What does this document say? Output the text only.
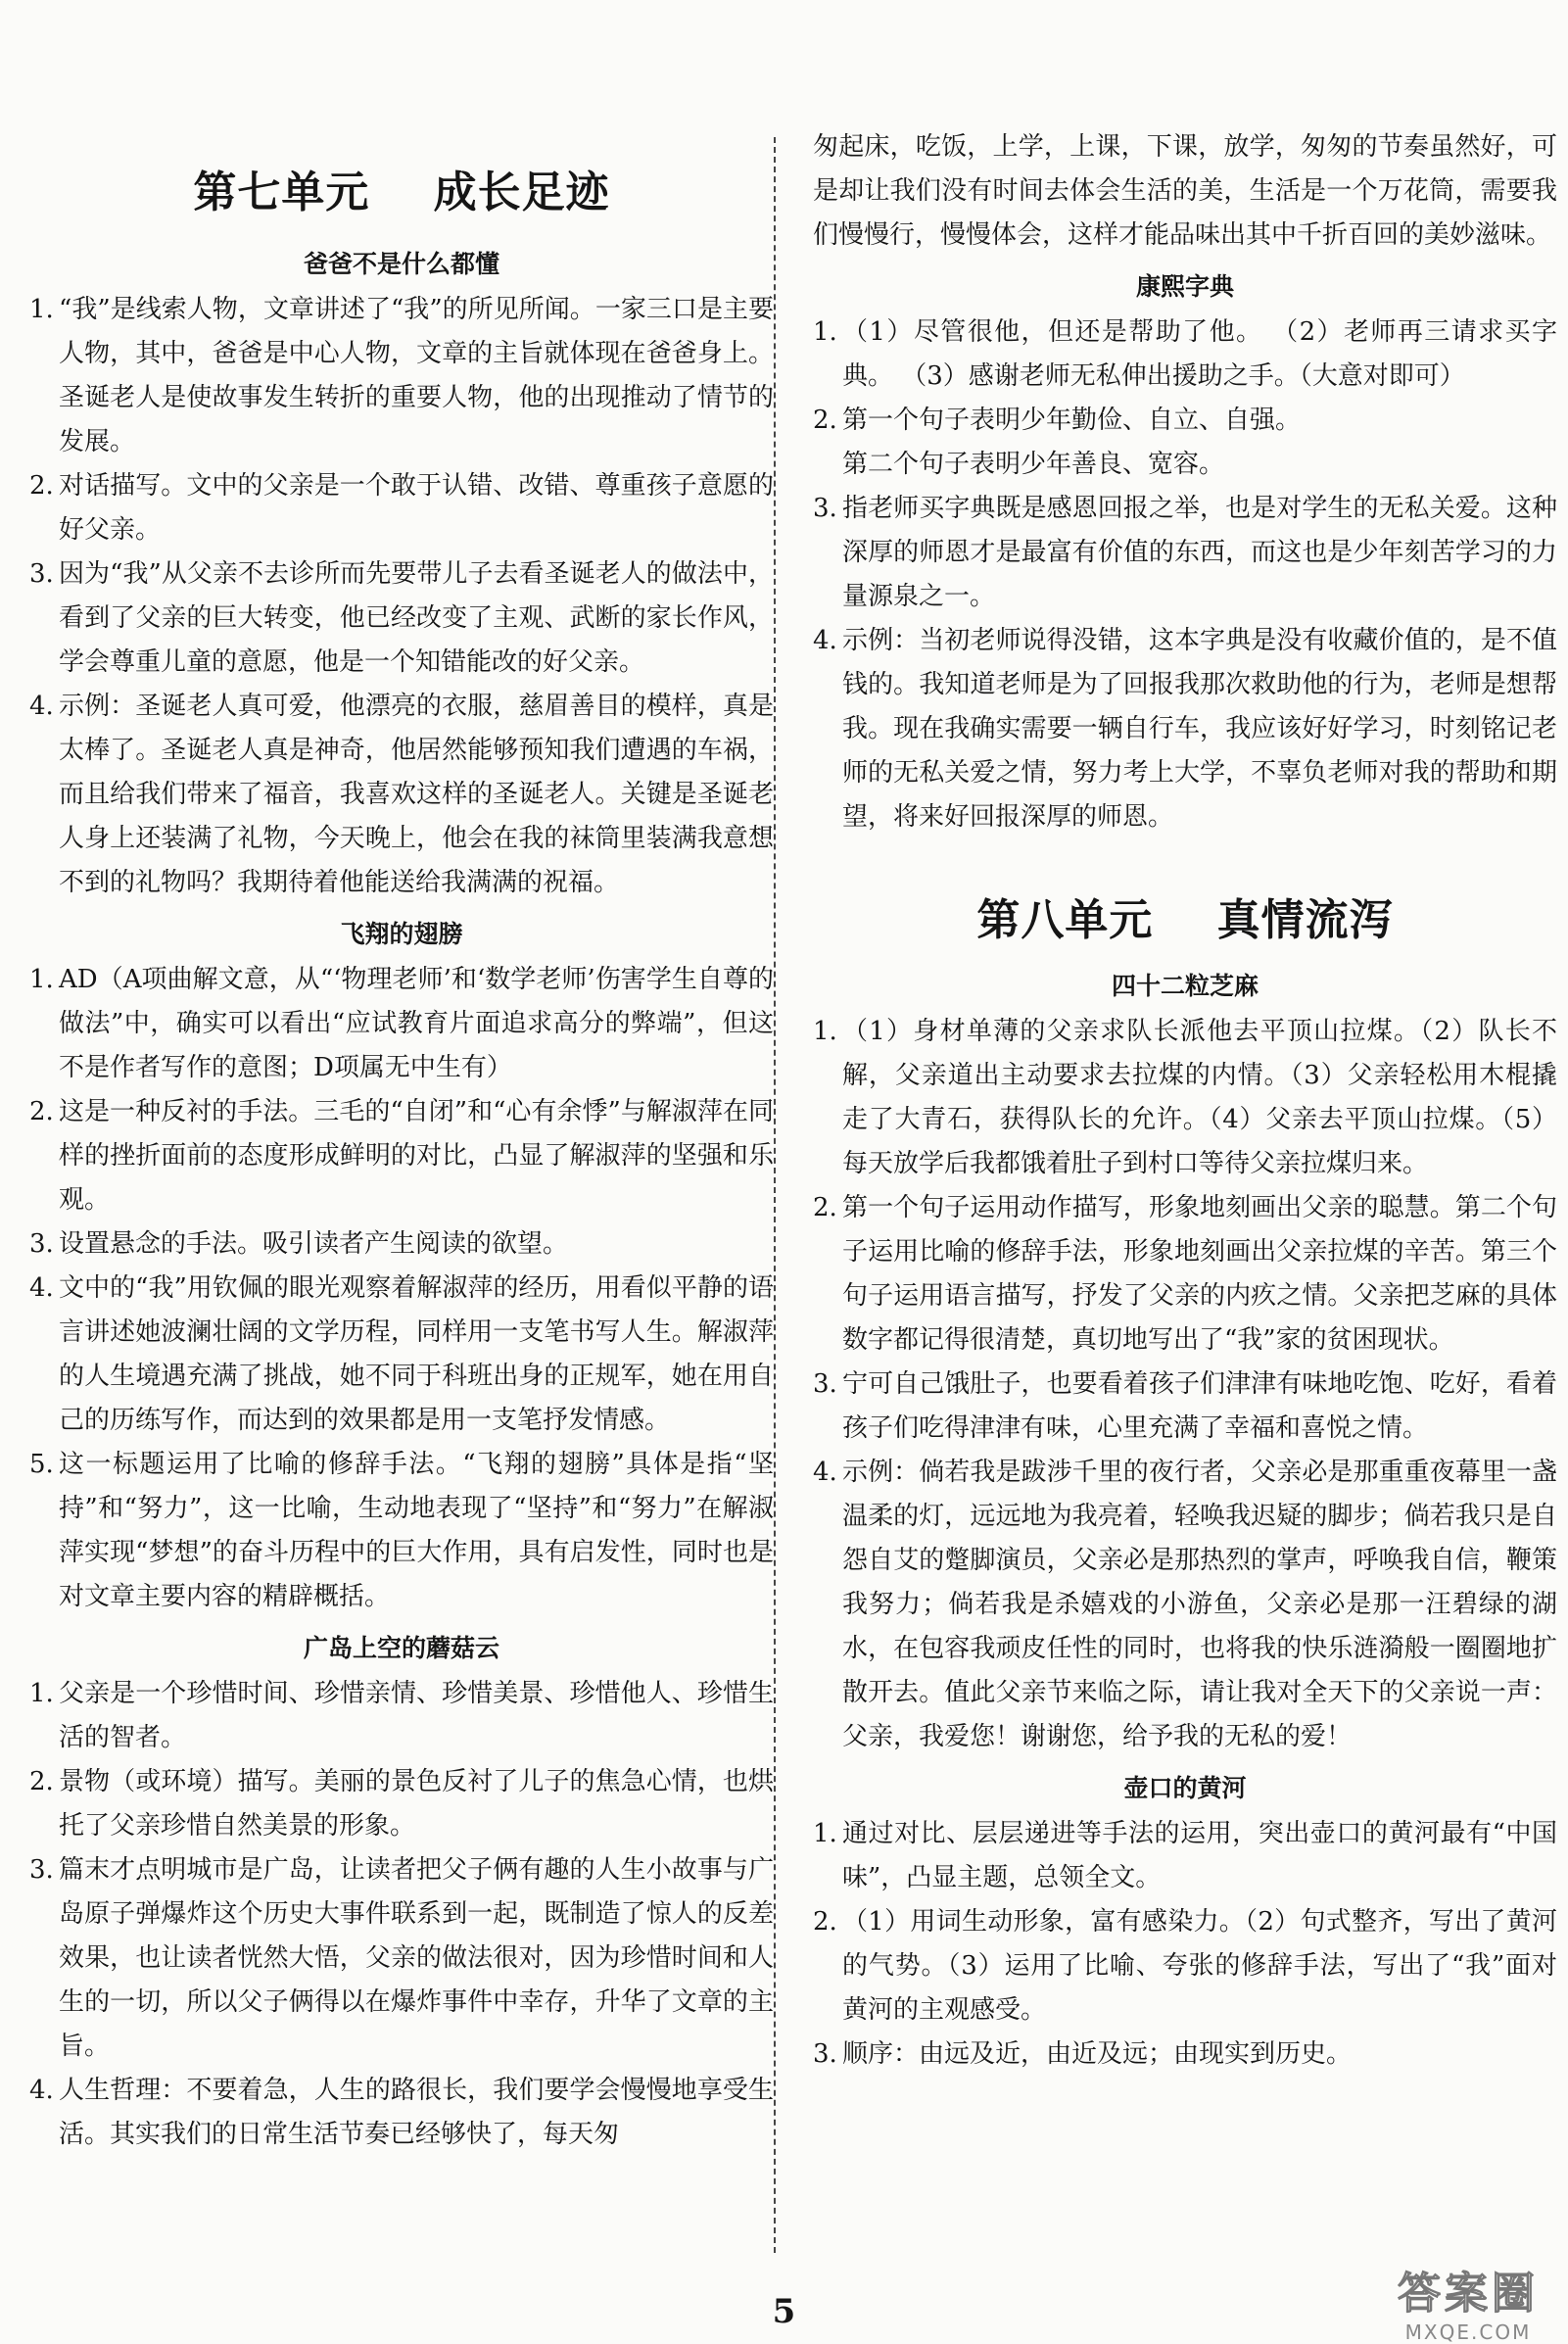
第七单元    成长足迹
爸爸不是什么都懂
1. “我”是线索人物，文章讲述了“我”的所见所闻。一家三口是主要人物，其中，爸爸是中心人物，文章的主旨就体现在爸爸身上。圣诞老人是使故事发生转折的重要人物，他的出现推动了情节的发展。
2. 对话描写。文中的父亲是一个敢于认错、改错、尊重孩子意愿的好父亲。
3. 因为“我”从父亲不去诊所而先要带儿子去看圣诞老人的做法中，看到了父亲的巨大转变，他已经改变了主观、武断的家长作风，学会尊重儿童的意愿，他是一个知错能改的好父亲。
4. 示例：圣诞老人真可爱，他漂亮的衣服，慈眉善目的模样，真是太棒了。圣诞老人真是神奇，他居然能够预知我们遭遇的车祸，而且给我们带来了福音，我喜欢这样的圣诞老人。关键是圣诞老人身上还装满了礼物，今天晚上，他会在我的袜筒里装满我意想不到的礼物吗？我期待着他能送给我满满的祝福。
飞翔的翅膀
1. AD（A项曲解文意，从“‘物理老师’和‘数学老师’伤害学生自尊的做法”中，确实可以看出“应试教育片面追求高分的弊端”，但这不是作者写作的意图；D项属无中生有）
2. 这是一种反衬的手法。三毛的“自闭”和“心有余悸”与解淑萍在同样的挫折面前的态度形成鲜明的对比，凸显了解淑萍的坚强和乐观。
3. 设置悬念的手法。吸引读者产生阅读的欲望。
4. 文中的“我”用钦佩的眼光观察着解淑萍的经历，用看似平静的语言讲述她波澜壮阔的文学历程，同样用一支笔书写人生。解淑萍的人生境遇充满了挑战，她不同于科班出身的正规军，她在用自己的历练写作，而达到的效果都是用一支笔抒发情感。
5. 这一标题运用了比喻的修辞手法。“飞翔的翅膀”具体是指“坚持”和“努力”，这一比喻，生动地表现了“坚持”和“努力”在解淑萍实现“梦想”的奋斗历程中的巨大作用，具有启发性，同时也是对文章主要内容的精辟概括。
广岛上空的蘑菇云
1. 父亲是一个珍惜时间、珍惜亲情、珍惜美景、珍惜他人、珍惜生活的智者。
2. 景物（或环境）描写。美丽的景色反衬了儿子的焦急心情，也烘托了父亲珍惜自然美景的形象。
3. 篇末才点明城市是广岛，让读者把父子俩有趣的人生小故事与广岛原子弹爆炸这个历史大事件联系到一起，既制造了惊人的反差效果，也让读者恍然大悟，父亲的做法很对，因为珍惜时间和人生的一切，所以父子俩得以在爆炸事件中幸存，升华了文章的主旨。
4. 人生哲理：不要着急，人生的路很长，我们要学会慢慢地享受生活。其实我们的日常生活节奏已经够快了，每天匆
匆起床，吃饭，上学，上课，下课，放学，匆匆的节奏虽然好，可是却让我们没有时间去体会生活的美，生活是一个万花筒，需要我们慢慢行，慢慢体会，这样才能品味出其中千折百回的美妙滋味。
康熙字典
1. （1）尽管很他，但还是帮助了他。 （2）老师再三请求买字典。 （3）感谢老师无私伸出援助之手。（大意对即可）
2. 第一个句子表明少年勤俭、自立、自强。
第二个句子表明少年善良、宽容。
3. 指老师买字典既是感恩回报之举，也是对学生的无私关爱。这种深厚的师恩才是最富有价值的东西，而这也是少年刻苦学习的力量源泉之一。
4. 示例：当初老师说得没错，这本字典是没有收藏价值的，是不值钱的。我知道老师是为了回报我那次救助他的行为，老师是想帮我。现在我确实需要一辆自行车，我应该好好学习，时刻铭记老师的无私关爱之情，努力考上大学，不辜负老师对我的帮助和期望，将来好回报深厚的师恩。
第八单元    真情流泻
四十二粒芝麻
1. （1）身材单薄的父亲求队长派他去平顶山拉煤。（2）队长不解，父亲道出主动要求去拉煤的内情。（3）父亲轻松用木棍撬走了大青石，获得队长的允许。（4）父亲去平顶山拉煤。（5）每天放学后我都饿着肚子到村口等待父亲拉煤归来。
2. 第一个句子运用动作描写，形象地刻画出父亲的聪慧。第二个句子运用比喻的修辞手法，形象地刻画出父亲拉煤的辛苦。第三个句子运用语言描写，抒发了父亲的内疚之情。父亲把芝麻的具体数字都记得很清楚，真切地写出了“我”家的贫困现状。
3. 宁可自己饿肚子，也要看着孩子们津津有味地吃饱、吃好，看着孩子们吃得津津有味，心里充满了幸福和喜悦之情。
4. 示例：倘若我是跋涉千里的夜行者，父亲必是那重重夜幕里一盏温柔的灯，远远地为我亮着，轻唤我迟疑的脚步；倘若我只是自怨自艾的蹩脚演员，父亲必是那热烈的掌声，呼唤我自信，鞭策我努力；倘若我是杀嬉戏的小游鱼，父亲必是那一汪碧绿的湖水，在包容我顽皮任性的同时，也将我的快乐涟漪般一圈圈地扩散开去。值此父亲节来临之际，请让我对全天下的父亲说一声：父亲，我爱您！谢谢您，给予我的无私的爱！
壶口的黄河
1. 通过对比、层层递进等手法的运用，突出壶口的黄河最有“中国味”，凸显主题，总领全文。
2. （1）用词生动形象，富有感染力。（2）句式整齐，写出了黄河的气势。（3）运用了比喻、夸张的修辞手法，写出了“我”面对黄河的主观感受。
3. 顺序：由远及近，由近及远；由现实到历史。
5	答案圈
MXQE.COM
